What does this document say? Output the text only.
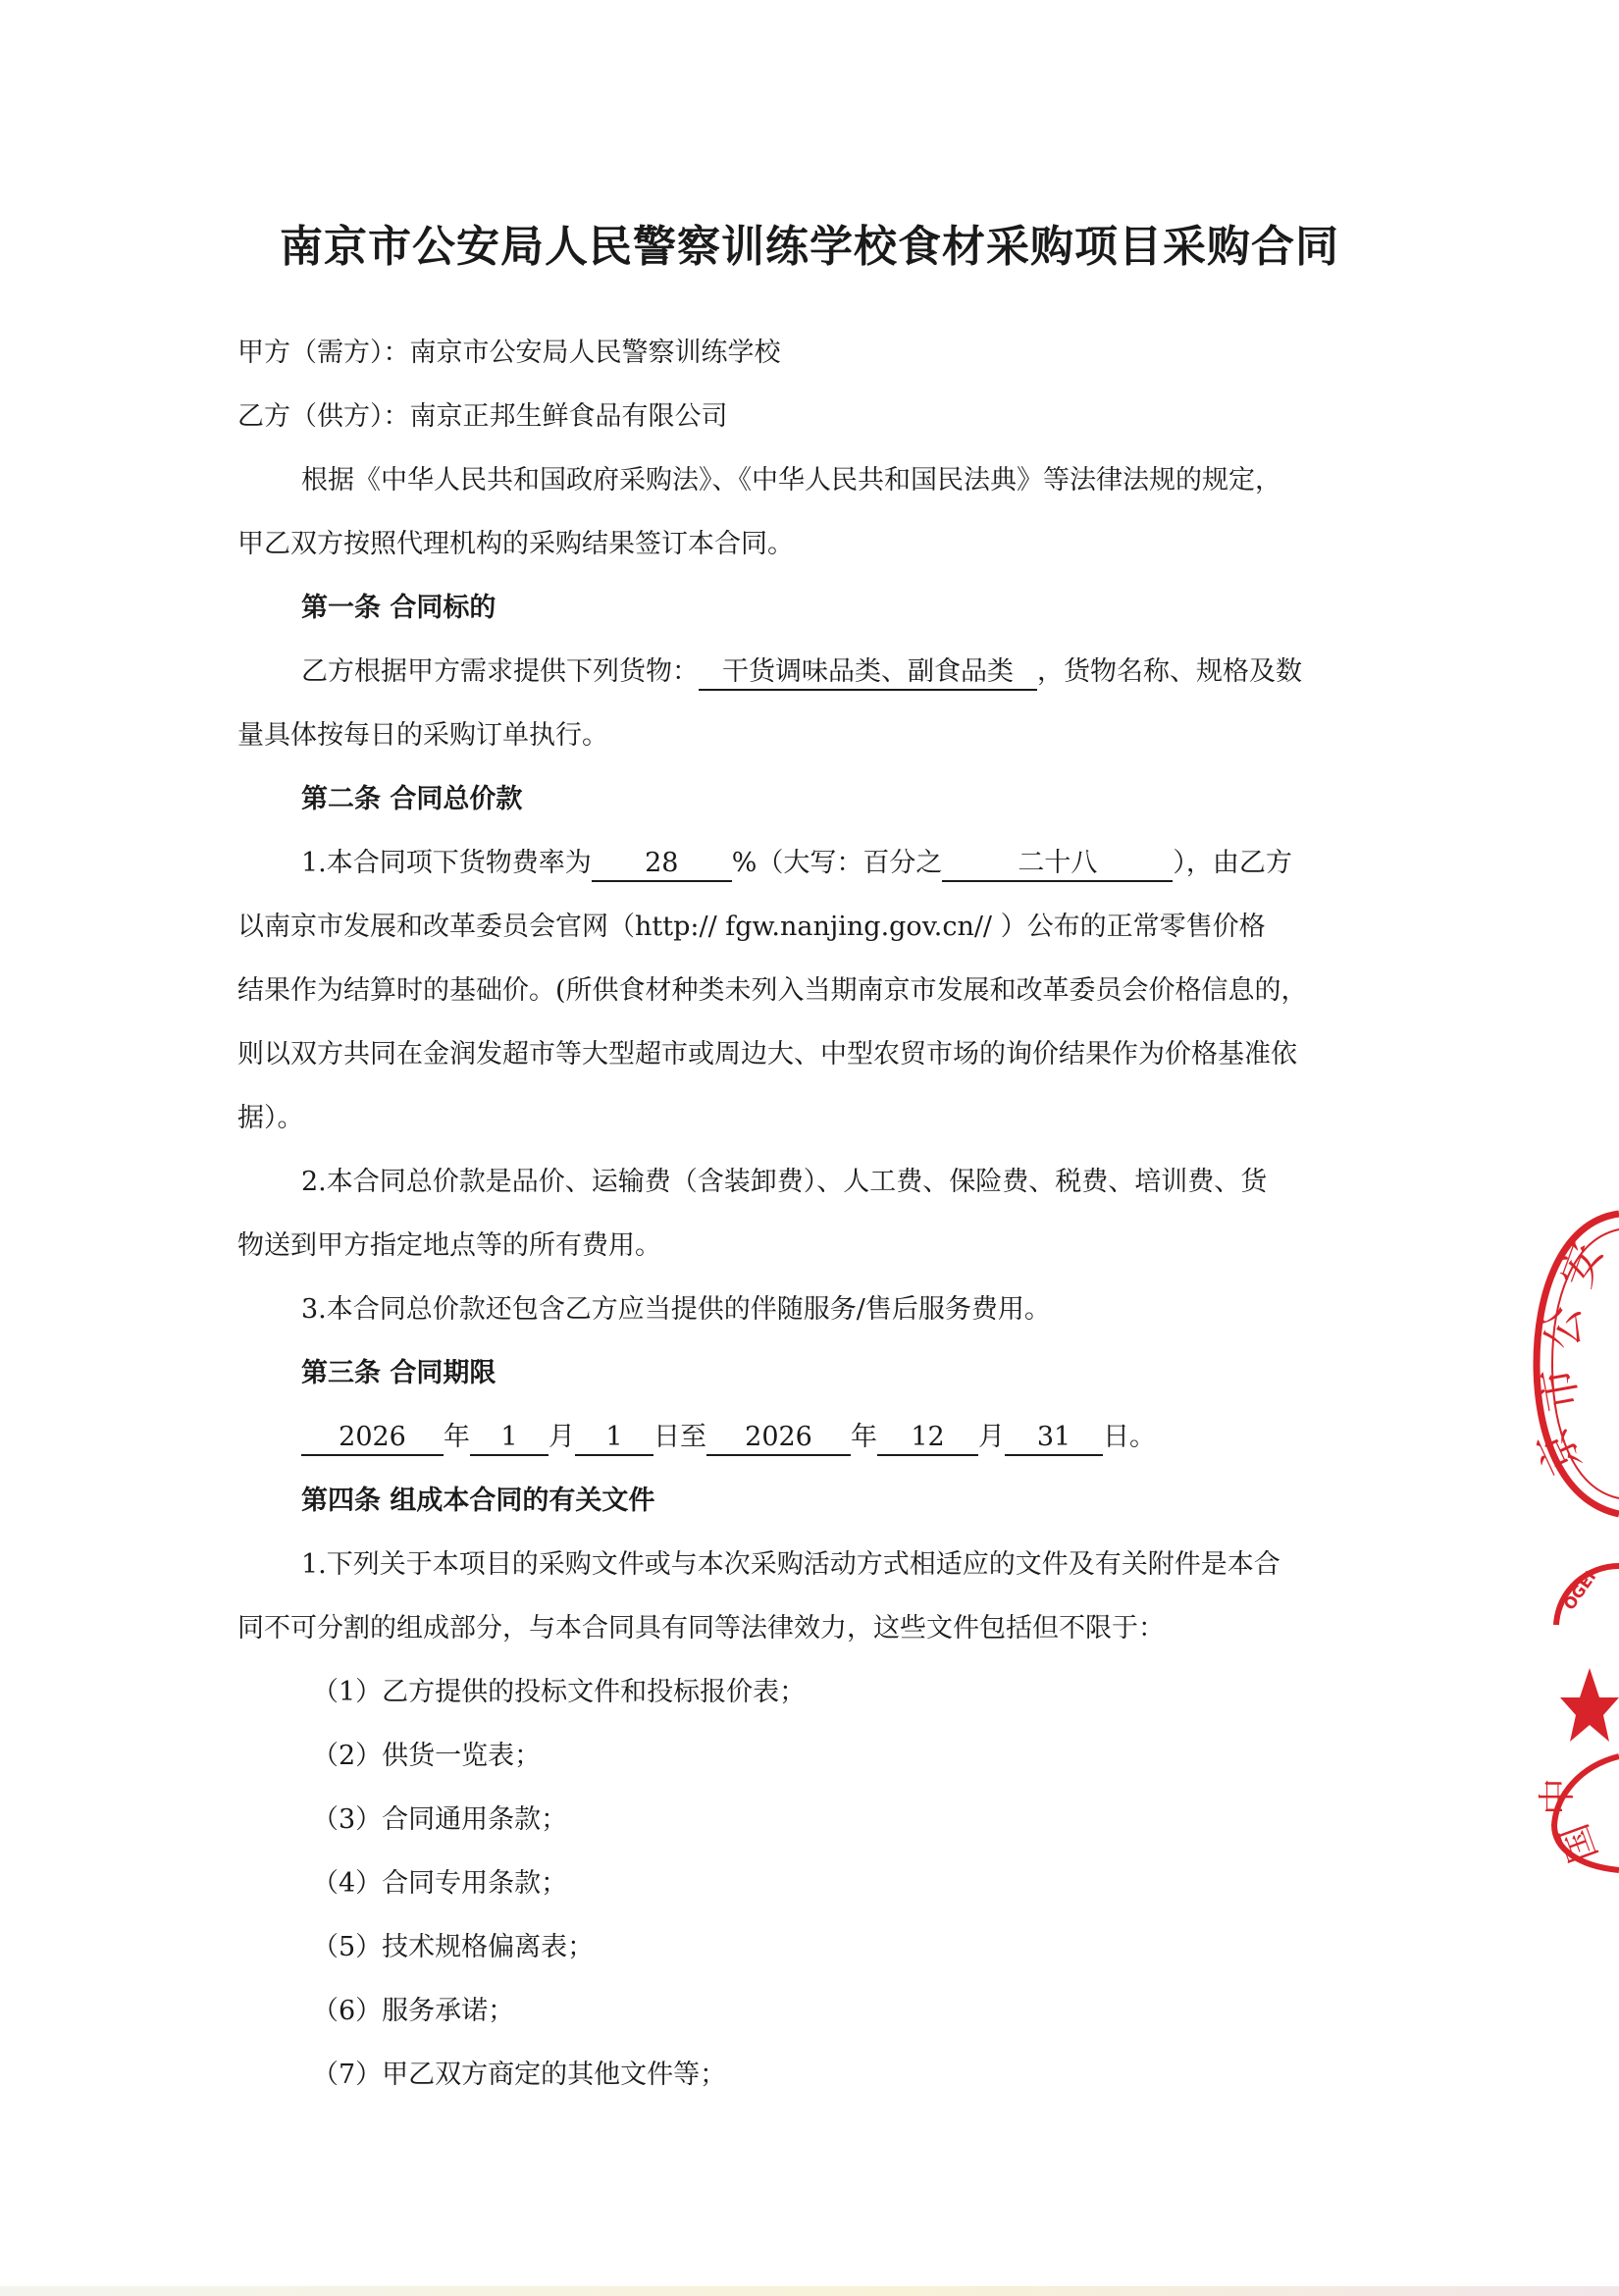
南京市公安局人民警察训练学校食材采购项目采购合同
甲方（需方）：南京市公安局人民警察训练学校
乙方（供方）：南京正邦生鲜食品有限公司
根据《中华人民共和国政府采购法》、《中华人民共和国民法典》等法律法规的规定，
甲乙双方按照代理机构的采购结果签订本合同。
第一条 合同标的
乙方根据甲方需求提供下列货物： 干货调味品类、副食品类 ，货物名称、规格及数
量具体按每日的采购订单执行。
第二条 合同总价款
1.本合同项下货物费率为 28 %（大写：百分之	二十八	），由乙方
以南京市发展和改革委员会官网（http:// fgw.nanjing.gov.cn// ）公布的正常零售价格
结果作为结算时的基础价。(所供食材种类未列入当期南京市发展和改革委员会价格信息的，
则以双方共同在金润发超市等大型超市或周边大、中型农贸市场的询价结果作为价格基准依
据）。
2.本合同总价款是品价、运输费（含装卸费）、人工费、保险费、税费、培训费、货
物送到甲方指定地点等的所有费用。
3.本合同总价款还包含乙方应当提供的伴随服务/售后服务费用。
第三条 合同期限
2026 年 1 月 1 日至 2026 年 12 月 31 日。
第四条 组成本合同的有关文件
1.下列关于本项目的采购文件或与本次采购活动方式相适应的文件及有关附件是本合
同不可分割的组成部分，与本合同具有同等法律效力，这些文件包括但不限于：
（1）乙方提供的投标文件和投标报价表；
（2）供货一览表；
（3）合同通用条款；
（4）合同专用条款；
（5）技术规格偏离表；
（6）服务承诺；
（7）甲乙双方商定的其他文件等；
安
公
市
京
OGEI
中
国
